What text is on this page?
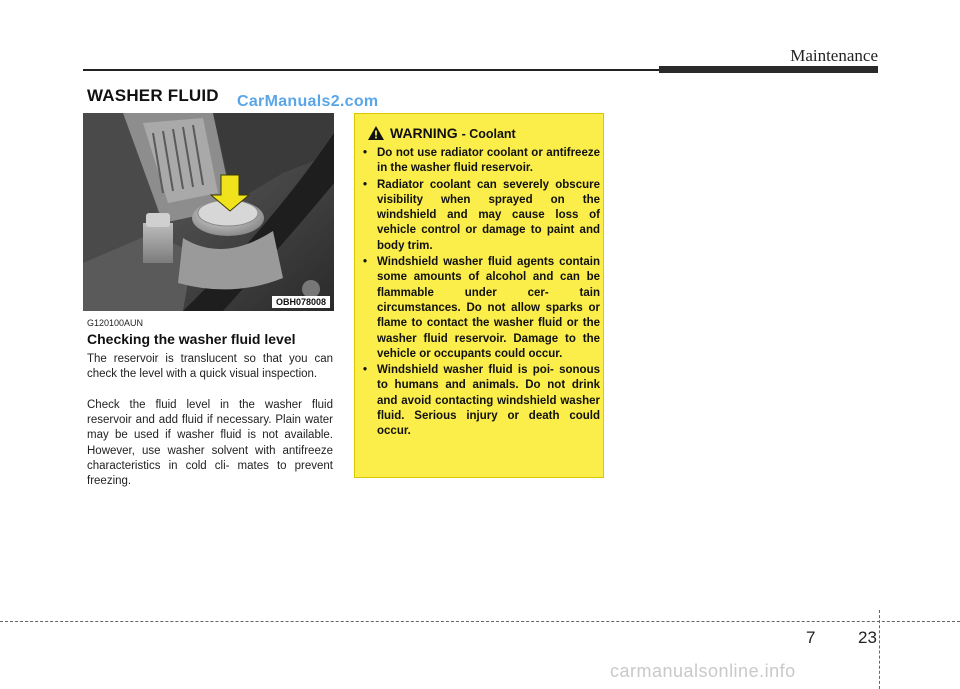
Maintenance
WASHER FLUID CarManuals2.com
OBH078008
G120100AUN
Checking the washer fluid level

The reservoir is translucent so that you can check the level with a quick visual inspection.

Check the fluid level in the washer fluid reservoir and add fluid if necessary. Plain water may be used if washer fluid is not available. However, use washer solvent with antifreeze characteristics in cold cli- mates to prevent freezing.

WARNING - Coolant
• Do not use radiator coolant or antifreeze in the washer fluid reservoir.
• Radiator coolant can severely obscure visibility when sprayed on the windshield and may cause loss of vehicle control or damage to paint and body trim.
• Windshield washer fluid agents contain some amounts of alcohol and can be flammable under cer- tain circumstances. Do not allow sparks or flame to contact the washer fluid or the washer fluid reservoir. Damage to the vehicle or occupants could occur.
• Windshield washer fluid is poi- sonous to humans and animals. Do not drink and avoid contacting windshield washer fluid. Serious injury or death could occur.
7	23
carmanualsonline.info
